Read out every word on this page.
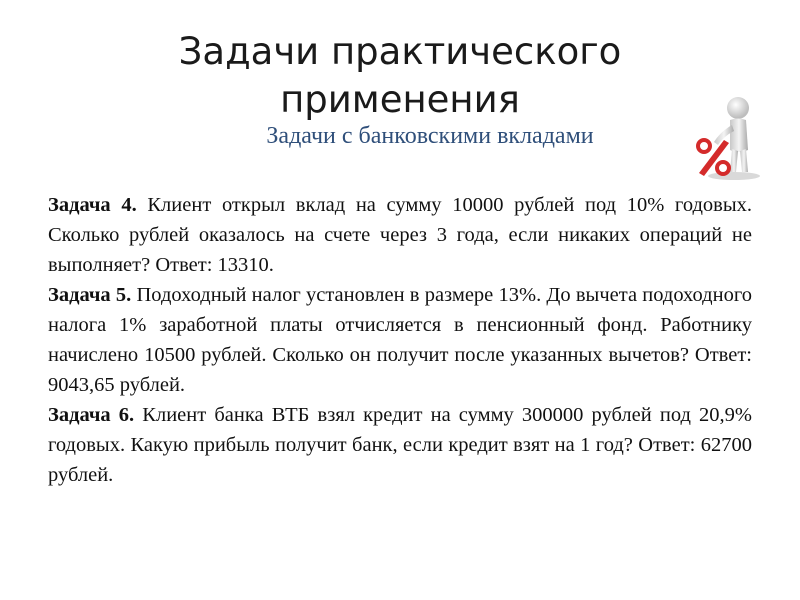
Задачи практического применения
Задачи с банковскими вкладами

Задача 4. Клиент открыл вклад на сумму 10000 рублей под 10% годовых. Сколько рублей оказалось на счете через 3 года, если никаких операций не выполняет? Ответ: 13310.

Задача 5. Подоходный налог установлен в размере 13%. До вычета подоходного налога 1% заработной платы отчисляется в пенсионный фонд. Работнику начислено 10500 рублей. Сколько он получит после указанных вычетов? Ответ: 9043,65 рублей.

Задача 6. Клиент банка ВТБ взял кредит на сумму 300000 рублей под 20,9% годовых. Какую прибыль получит банк, если кредит взят на 1 год? Ответ: 62700 рублей.
